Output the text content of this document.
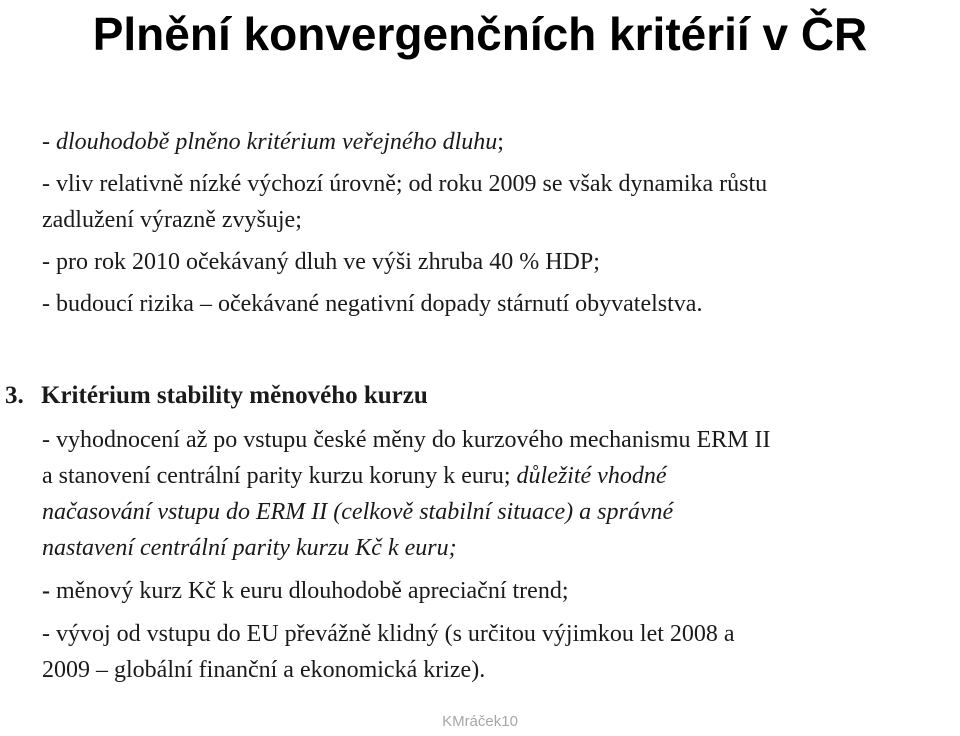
Plnění konvergenčních kritérií v ČR
- dlouhodobě plněno kritérium veřejného dluhu;
- vliv relativně nízké výchozí úrovně; od roku 2009 se však dynamika růstu
zadlužení výrazně zvyšuje;
- pro rok 2010 očekávaný dluh ve výši zhruba 40 % HDP;
- budoucí rizika – očekávané negativní dopady stárnutí obyvatelstva.
3. Kritérium stability měnového kurzu
- vyhodnocení až po vstupu české měny do kurzového mechanismu ERM II
a stanovení centrální parity kurzu koruny k euru; důležité vhodné
načasování vstupu do ERM II (celkově stabilní situace) a správné
nastavení centrální parity kurzu Kč k euru;
- měnový kurz Kč k euru dlouhodobě apreciační trend;
- vývoj od vstupu do EU převážně klidný (s určitou výjimkou let 2008 a
2009 – globální finanční a ekonomická krize).
KMráček10
